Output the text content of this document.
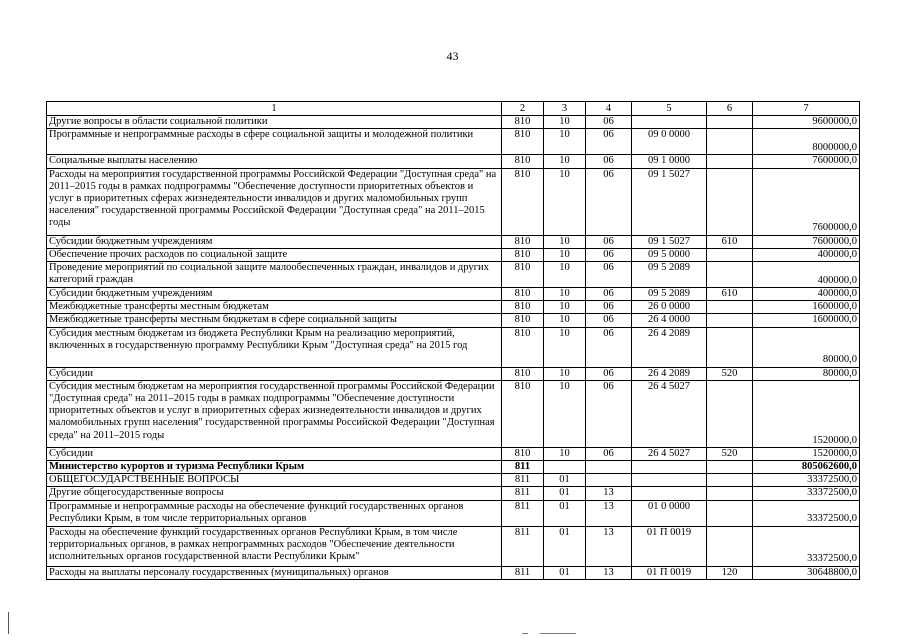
43
1	2	3	4	5	6	7
Другие вопросы в области социальной политики	810	10	06			9600000,0
Программные и непрограммные расходы в сфере социальной защиты и молодежной политики	810	10	06	09 0 0000		8000000,0
Социальные выплаты населению	810	10	06	09 1 0000		7600000,0
Расходы на мероприятия государственной программы Российской Федерации "Доступная среда" на 2011–2015 годы в рамках подпрограммы "Обеспечение доступности приоритетных объектов и услуг в приоритетных сферах жизнедеятельности инвалидов и других маломобильных групп населения" государственной программы Российской Федерации "Доступная среда" на 2011–2015 годы	810	10	06	09 1 5027		7600000,0
Субсидии бюджетным учреждениям	810	10	06	09 1 5027	610	7600000,0
Обеспечение прочих расходов по социальной защите	810	10	06	09 5 0000		400000,0
Проведение мероприятий по социальной защите малообеспеченных граждан, инвалидов и других категорий граждан	810	10	06	09 5 2089		400000,0
Субсидии бюджетным учреждениям	810	10	06	09 5 2089	610	400000,0
Межбюджетные трансферты местным бюджетам	810	10	06	26 0 0000		1600000,0
Межбюджетные трансферты местным бюджетам в сфере социальной защиты	810	10	06	26 4 0000		1600000,0
Субсидия местным бюджетам из бюджета Республики Крым на реализацию мероприятий, включенных в государственную программу Республики Крым "Доступная среда" на 2015 год	810	10	06	26 4 2089		80000,0
Субсидии	810	10	06	26 4 2089	520	80000,0
Субсидия местным бюджетам на мероприятия государственной программы Российской Федерации "Доступная среда" на 2011–2015 годы в рамках подпрограммы "Обеспечение доступности приоритетных объектов и услуг в приоритетных сферах жизнедеятельности инвалидов и других маломобильных групп населения" государственной программы Российской Федерации "Доступная среда" на 2011–2015 годы	810	10	06	26 4 5027		1520000,0
Субсидии	810	10	06	26 4 5027	520	1520000,0
Министерство курортов и туризма Республики Крым	811					805062600,0
ОБЩЕГОСУДАРСТВЕННЫЕ ВОПРОСЫ	811	01				33372500,0
Другие общегосударственные вопросы	811	01	13			33372500,0
Программные и непрограммные расходы на обеспечение функций государственных органов Республики Крым, в том числе территориальных органов	811	01	13	01 0 0000		33372500,0
Расходы на обеспечение функций государственных органов Республики Крым, в том числе территориальных органов, в рамках непрограммных расходов "Обеспечение деятельности исполнительных органов государственной власти Республики Крым"	811	01	13	01 П 0019		33372500,0
Расходы на выплаты персоналу государственных (муниципальных) органов	811	01	13	01 П 0019	120	30648800,0
